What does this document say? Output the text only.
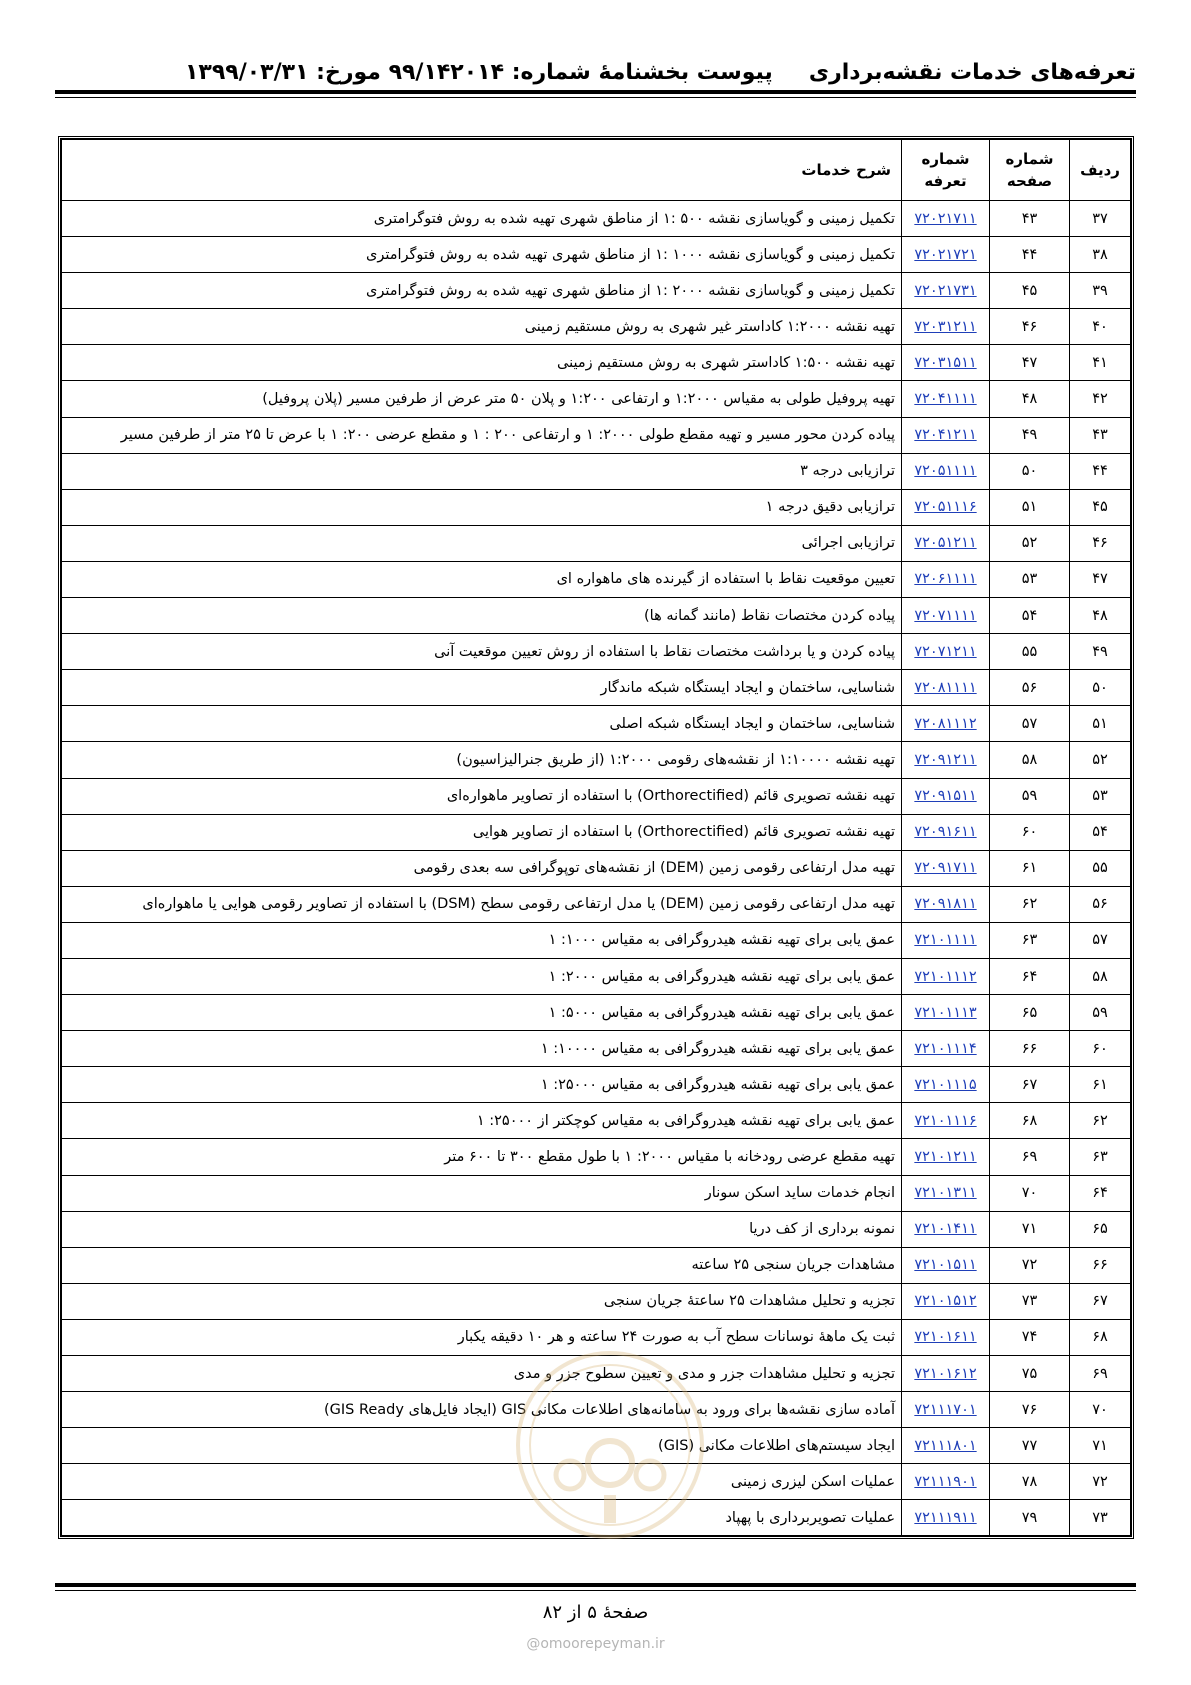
تعرفه‌های خدمات نقشه‌برداری
پیوست بخشنامۀ شماره: ۹۹/۱۴۲۰۱۴ مورخ: ۱۳۹۹/۰۳/۳۱
ردیف	شماره صفحه	شماره تعرفه	شرح خدمات
۳۷	۴۳	۷۲۰۲۱۷۱۱	تکمیل زمینی و گویاسازی نقشه ۵۰۰ :۱ از مناطق شهری تهیه شده به روش فتوگرامتری
۳۸	۴۴	۷۲۰۲۱۷۲۱	تکمیل زمینی و گویاسازی نقشه ۱۰۰۰ :۱ از مناطق شهری تهیه شده به روش فتوگرامتری
۳۹	۴۵	۷۲۰۲۱۷۳۱	تکمیل زمینی و گویاسازی نقشه ۲۰۰۰ :۱ از مناطق شهری تهیه شده به روش فتوگرامتری
۴۰	۴۶	۷۲۰۳۱۲۱۱	تهیه نقشه ۱:۲۰۰۰ کاداستر غیر شهری به روش مستقیم زمینی
۴۱	۴۷	۷۲۰۳۱۵۱۱	تهیه نقشه ۱:۵۰۰ کاداستر شهری به روش مستقیم زمینی
۴۲	۴۸	۷۲۰۴۱۱۱۱	تهیه پروفیل طولی به مقیاس ۱:۲۰۰۰ و ارتفاعی ۱:۲۰۰ و پلان ۵۰ متر عرض از طرفین مسیر (پلان پروفیل)
۴۳	۴۹	۷۲۰۴۱۲۱۱	پیاده کردن محور مسیر و تهیه مقطع طولی ۲۰۰۰: ۱ و ارتفاعی ۲۰۰ : ۱ و مقطع عرضی ۲۰۰: ۱ با عرض تا ۲۵ متر از طرفین مسیر
۴۴	۵۰	۷۲۰۵۱۱۱۱	ترازیابی درجه ۳
۴۵	۵۱	۷۲۰۵۱۱۱۶	ترازیابی دقیق درجه ۱
۴۶	۵۲	۷۲۰۵۱۲۱۱	ترازیابی اجرائی
۴۷	۵۳	۷۲۰۶۱۱۱۱	تعیین موقعیت نقاط با استفاده از گیرنده های ماهواره ای
۴۸	۵۴	۷۲۰۷۱۱۱۱	پیاده کردن مختصات نقاط (مانند گمانه ها)
۴۹	۵۵	۷۲۰۷۱۲۱۱	پیاده کردن و یا برداشت مختصات نقاط با استفاده از روش تعیین موقعیت آنی
۵۰	۵۶	۷۲۰۸۱۱۱۱	شناسایی، ساختمان و ایجاد ایستگاه شبکه ماندگار
۵۱	۵۷	۷۲۰۸۱۱۱۲	شناسایی، ساختمان و ایجاد ایستگاه شبکه اصلی
۵۲	۵۸	۷۲۰۹۱۲۱۱	تهیه نقشه ۱:۱۰۰۰۰ از نقشه‌های رقومی ۱:۲۰۰۰ (از طریق جنرالیزاسیون)
۵۳	۵۹	۷۲۰۹۱۵۱۱	تهیه نقشه تصویری قائم (Orthorectified) با استفاده از تصاویر ماهواره‌ای
۵۴	۶۰	۷۲۰۹۱۶۱۱	تهیه نقشه تصویری قائم (Orthorectified) با استفاده از تصاویر هوایی
۵۵	۶۱	۷۲۰۹۱۷۱۱	تهیه مدل ارتفاعی رقومی زمین (DEM) از نقشه‌های توپوگرافی سه بعدی رقومی
۵۶	۶۲	۷۲۰۹۱۸۱۱	تهیه مدل ارتفاعی رقومی زمین (DEM) یا مدل ارتفاعی رقومی سطح (DSM) با استفاده از تصاویر رقومی هوایی یا ماهواره‌ای
۵۷	۶۳	۷۲۱۰۱۱۱۱	عمق یابی برای تهیه نقشه هیدروگرافی به مقیاس ۱۰۰۰: ۱
۵۸	۶۴	۷۲۱۰۱۱۱۲	عمق یابی برای تهیه نقشه هیدروگرافی به مقیاس ۲۰۰۰: ۱
۵۹	۶۵	۷۲۱۰۱۱۱۳	عمق یابی برای تهیه نقشه هیدروگرافی به مقیاس ۵۰۰۰: ۱
۶۰	۶۶	۷۲۱۰۱۱۱۴	عمق یابی برای تهیه نقشه هیدروگرافی به مقیاس ۱۰۰۰۰: ۱
۶۱	۶۷	۷۲۱۰۱۱۱۵	عمق یابی برای تهیه نقشه هیدروگرافی به مقیاس ۲۵۰۰۰: ۱
۶۲	۶۸	۷۲۱۰۱۱۱۶	عمق یابی برای تهیه نقشه هیدروگرافی به مقیاس کوچکتر از ۲۵۰۰۰: ۱
۶۳	۶۹	۷۲۱۰۱۲۱۱	تهیه مقطع عرضی رودخانه با مقیاس ۲۰۰۰: ۱ با طول مقطع ۳۰۰ تا ۶۰۰ متر
۶۴	۷۰	۷۲۱۰۱۳۱۱	انجام خدمات ساید اسکن سونار
۶۵	۷۱	۷۲۱۰۱۴۱۱	نمونه برداری از کف دریا
۶۶	۷۲	۷۲۱۰۱۵۱۱	مشاهدات جریان سنجی ۲۵ ساعته
۶۷	۷۳	۷۲۱۰۱۵۱۲	تجزیه و تحلیل مشاهدات ۲۵ ساعتۀ جریان سنجی
۶۸	۷۴	۷۲۱۰۱۶۱۱	ثبت یک ماهۀ نوسانات سطح آب به صورت ۲۴ ساعته و هر ۱۰ دقیقه یکبار
۶۹	۷۵	۷۲۱۰۱۶۱۲	تجزیه و تحلیل مشاهدات جزر و مدی و تعیین سطوح جزر و مدی
۷۰	۷۶	۷۲۱۱۱۷۰۱	آماده سازی نقشه‌ها برای ورود به سامانه‌های اطلاعات مکانی GIS (ایجاد فایل‌های GIS Ready)
۷۱	۷۷	۷۲۱۱۱۸۰۱	ایجاد سیستم‌های اطلاعات مکانی (GIS)
۷۲	۷۸	۷۲۱۱۱۹۰۱	عملیات اسکن لیزری زمینی
۷۳	۷۹	۷۲۱۱۱۹۱۱	عملیات تصویربرداری با پهپاد
صفحۀ ۵ از ۸۲
@omoorepeyman.ir
